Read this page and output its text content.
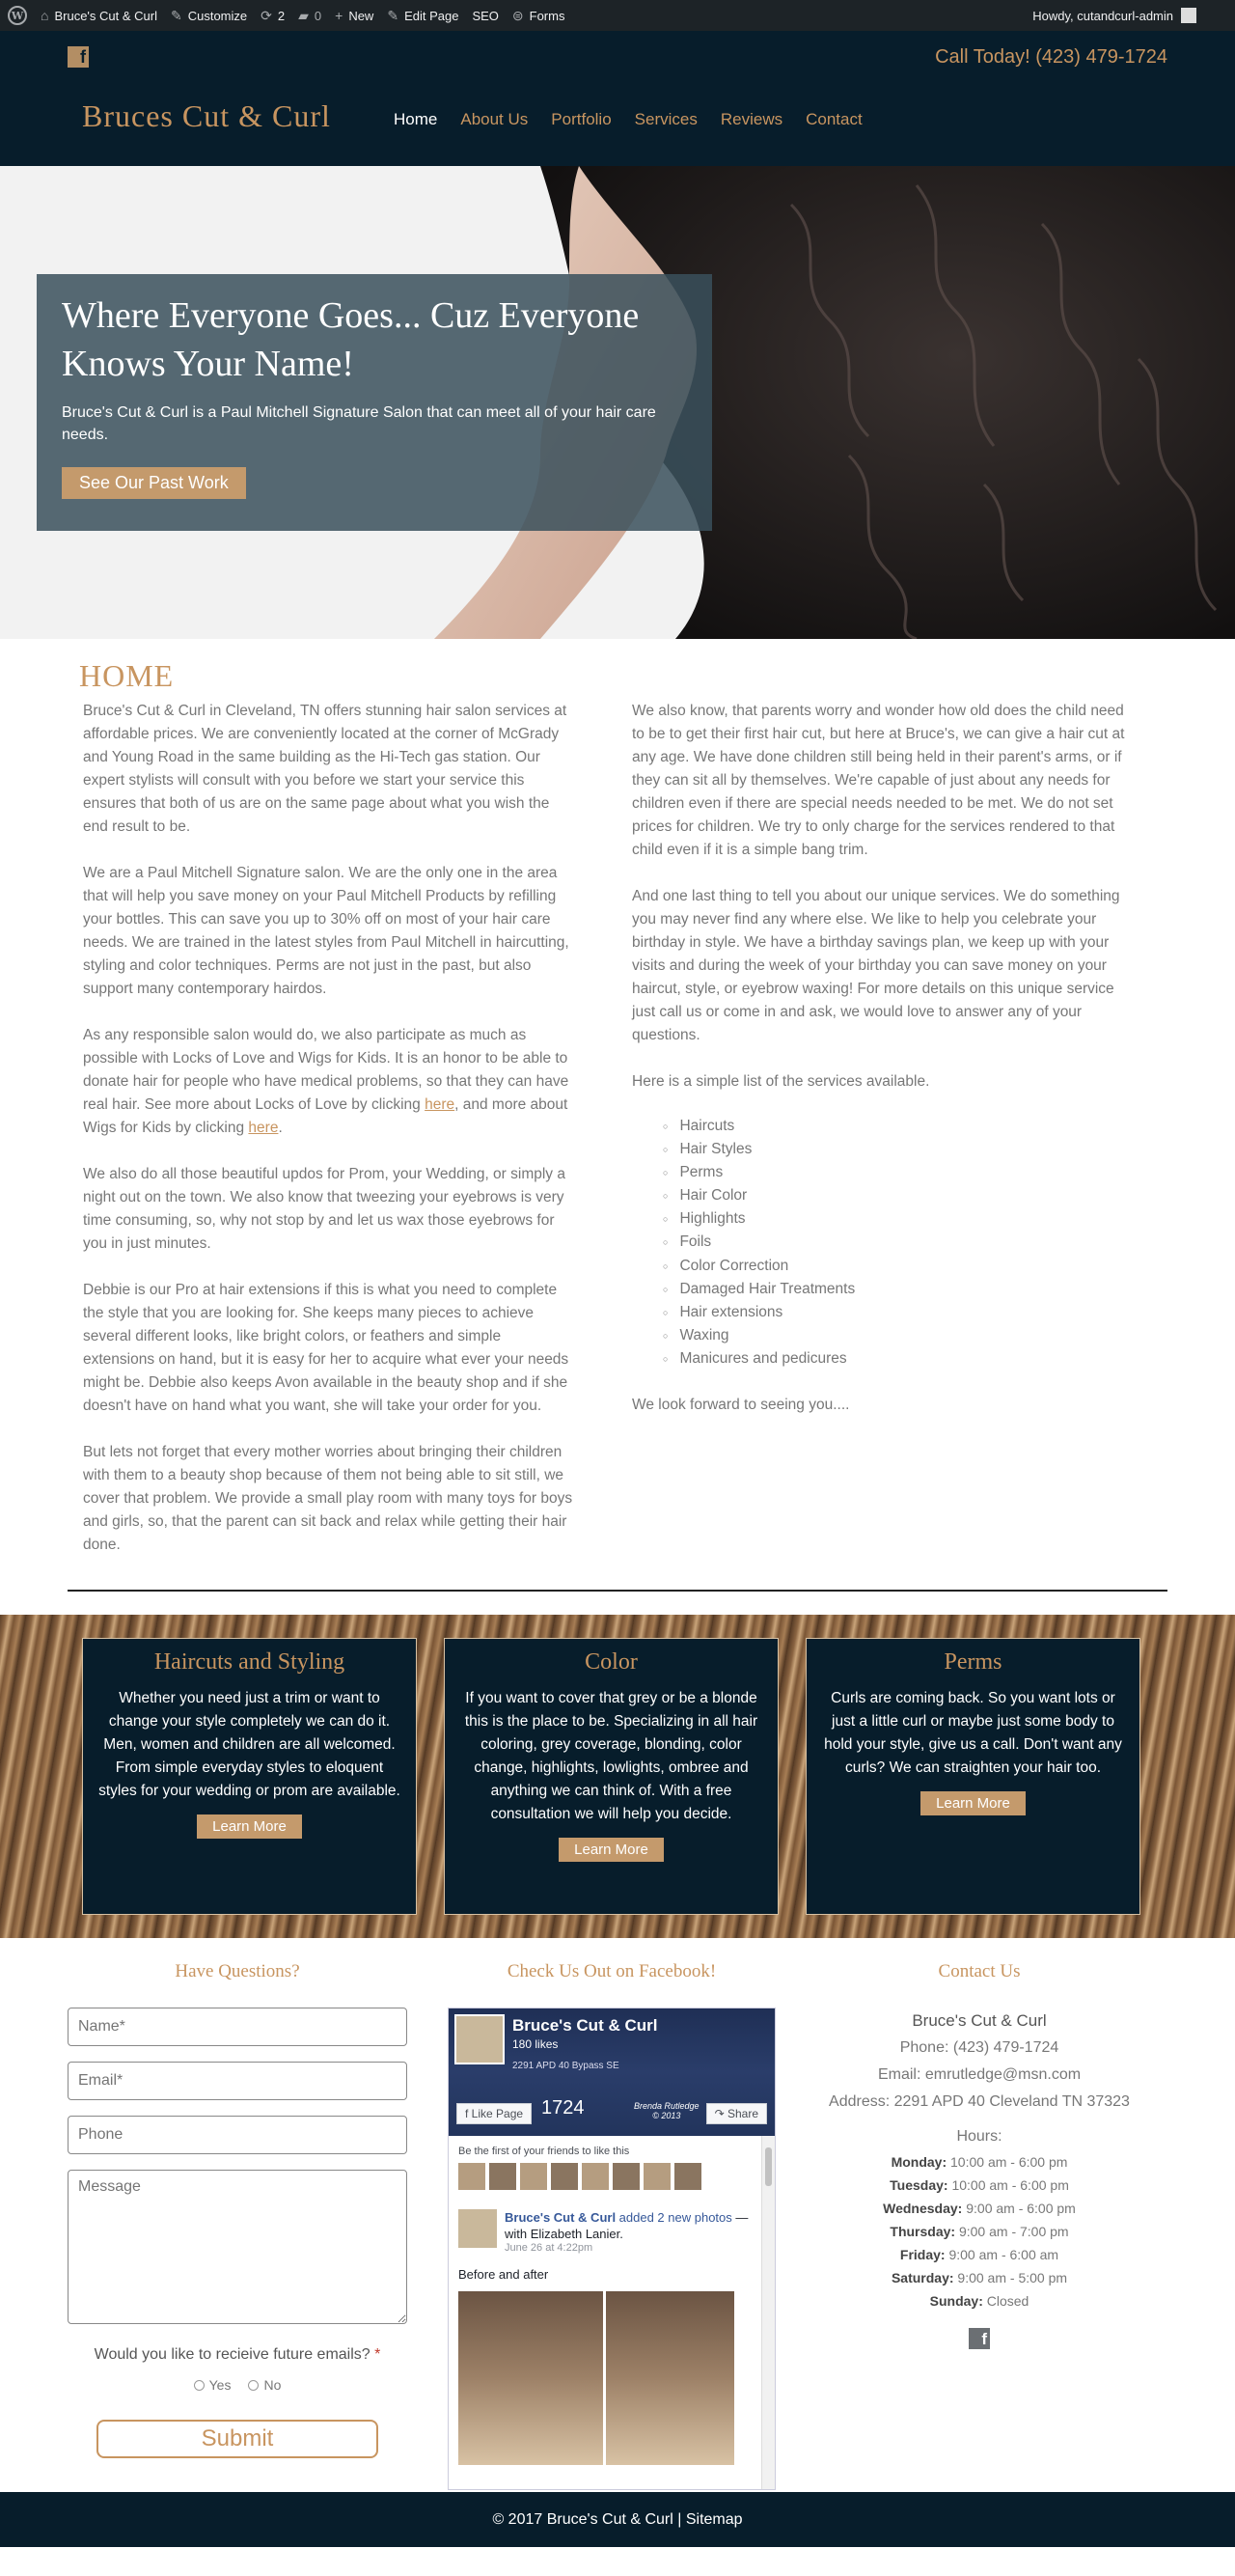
W ⌂ Bruce's Cut & Curl ✎ Customize ⟳ 2 ▰ 0 + New ✎ Edit Page SEO ⊜ Forms	Howdy, cutandcurl-admin
f	Call Today! (423) 479-1724
Bruces Cut & Curl	Home About Us Portfolio Services Reviews Contact
Where Everyone Goes... Cuz Everyone Knows Your Name!

Bruce's Cut & Curl is a Paul Mitchell Signature Salon that can meet all of your hair care needs.

See Our Past Work
HOME

Bruce's Cut & Curl in Cleveland, TN offers stunning hair salon services at affordable prices. We are conveniently located at the corner of McGrady and Young Road in the same building as the Hi-Tech gas station. Our expert stylists will consult with you before we start your service this ensures that both of us are on the same page about what you wish the end result to be.

We are a Paul Mitchell Signature salon. We are the only one in the area that will help you save money on your Paul Mitchell Products by refilling your bottles. This can save you up to 30% off on most of your hair care needs. We are trained in the latest styles from Paul Mitchell in haircutting, styling and color techniques. Perms are not just in the past, but also support many contemporary hairdos.

As any responsible salon would do, we also participate as much as possible with Locks of Love and Wigs for Kids. It is an honor to be able to donate hair for people who have medical problems, so that they can have real hair. See more about Locks of Love by clicking here, and more about Wigs for Kids by clicking here.

We also do all those beautiful updos for Prom, your Wedding, or simply a night out on the town. We also know that tweezing your eyebrows is very time consuming, so, why not stop by and let us wax those eyebrows for you in just minutes.

Debbie is our Pro at hair extensions if this is what you need to complete the style that you are looking for. She keeps many pieces to achieve several different looks, like bright colors, or feathers and simple extensions on hand, but it is easy for her to acquire what ever your needs might be. Debbie also keeps Avon available in the beauty shop and if she doesn't have on hand what you want, she will take your order for you.

But lets not forget that every mother worries about bringing their children with them to a beauty shop because of them not being able to sit still, we cover that problem. We provide a small play room with many toys for boys and girls, so, that the parent can sit back and relax while getting their hair done.

We also know, that parents worry and wonder how old does the child need to be to get their first hair cut, but here at Bruce's, we can give a hair cut at any age. We have done children still being held in their parent's arms, or if they can sit all by themselves. We're capable of just about any needs for children even if there are special needs needed to be met. We do not set prices for children. We try to only charge for the services rendered to that child even if it is a simple bang trim.

And one last thing to tell you about our unique services. We do something you may never find any where else. We like to help you celebrate your birthday in style. We have a birthday savings plan, we keep up with your visits and during the week of your birthday you can save money on your haircut, style, or eyebrow waxing! For more details on this unique service just call us or come in and ask, we would love to answer any of your questions.

Here is a simple list of the services available.

○ Haircuts
○ Hair Styles
○ Perms
○ Hair Color
○ Highlights
○ Foils
○ Color Correction
○ Damaged Hair Treatments
○ Hair extensions
○ Waxing
○ Manicures and pedicures

We look forward to seeing you....

Haircuts and Styling

Whether you need just a trim or want to change your style completely we can do it. Men, women and children are all welcomed. From simple everyday styles to eloquent styles for your wedding or prom are available.

Learn More
Color

If you want to cover that grey or be a blonde this is the place to be. Specializing in all hair coloring, grey coverage, blonding, color change, highlights, lowlights, ombree and anything we can think of. With a free consultation we will help you decide.

Learn More
Perms

Curls are coming back. So you want lots or just a little curl or maybe just some body to hold your style, give us a call. Don't want any curls? We can straighten your hair too.

Learn More
Have Questions?	Check Us Out on Facebook!	Contact Us
Name* Email* Phone Message
Would you like to recieive future emails? *
Yes	No
Submit
Bruce's Cut & Curl
180 likes
2291 APD 40 Bypass SE
1724	Brenda Rutledge
© 2013
f Like Page	↷ Share
Be the first of your friends to like this
Bruce's Cut & Curl added 2 new photos — with Elizabeth Lanier.
June 26 at 4:22pm
Before and after
Bruce's Cut & Curl
Phone: (423) 479-1724
Email: emrutledge@msn.com
Address: 2291 APD 40 Cleveland TN 37323
Hours:
Monday: 10:00 am - 6:00 pm
Tuesday: 10:00 am - 6:00 pm
Wednesday: 9:00 am - 6:00 pm
Thursday: 9:00 am - 7:00 pm
Friday: 9:00 am - 6:00 am
Saturday: 9:00 am - 5:00 pm
Sunday: Closed
f
© 2017 Bruce's Cut & Curl | Sitemap
